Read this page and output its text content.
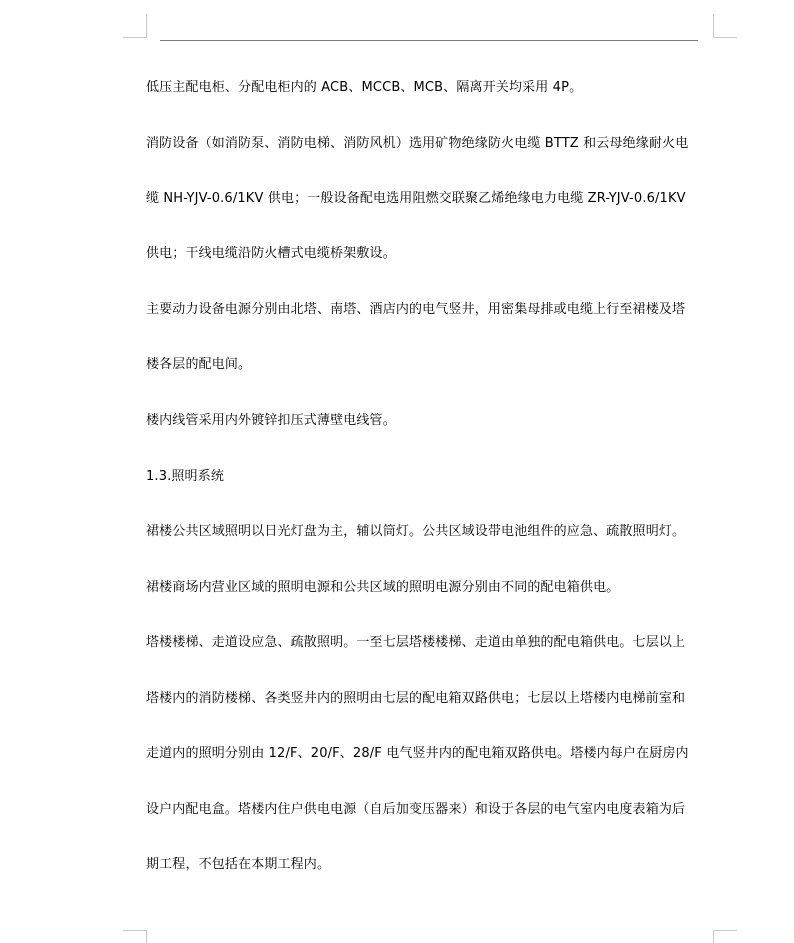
低压主配电柜、分配电柜内的 ACB、MCCB、MCB、隔离开关均采用 4P。
消防设备（如消防泵、消防电梯、消防风机）选用矿物绝缘防火电缆 BTTZ 和云母绝缘耐火电
缆 NH-YJV-0.6/1KV 供电；一般设备配电选用阻燃交联聚乙烯绝缘电力电缆 ZR-YJV-0.6/1KV
供电；干线电缆沿防火槽式电缆桥架敷设。
主要动力设备电源分别由北塔、南塔、酒店内的电气竖井，用密集母排或电缆上行至裙楼及塔
楼各层的配电间。
楼内线管采用内外镀锌扣压式薄壁电线管。
1.3.照明系统
裙楼公共区域照明以日光灯盘为主，辅以筒灯。公共区域设带电池组件的应急、疏散照明灯。
裙楼商场内营业区域的照明电源和公共区域的照明电源分别由不同的配电箱供电。
塔楼楼梯、走道设应急、疏散照明。一至七层塔楼楼梯、走道由单独的配电箱供电。七层以上
塔楼内的消防楼梯、各类竖井内的照明由七层的配电箱双路供电；七层以上塔楼内电梯前室和
走道内的照明分别由 12/F、20/F、28/F 电气竖井内的配电箱双路供电。塔楼内每户在厨房内
设户内配电盒。塔楼内住户供电电源（自后加变压器来）和设于各层的电气室内电度表箱为后
期工程，不包括在本期工程内。
